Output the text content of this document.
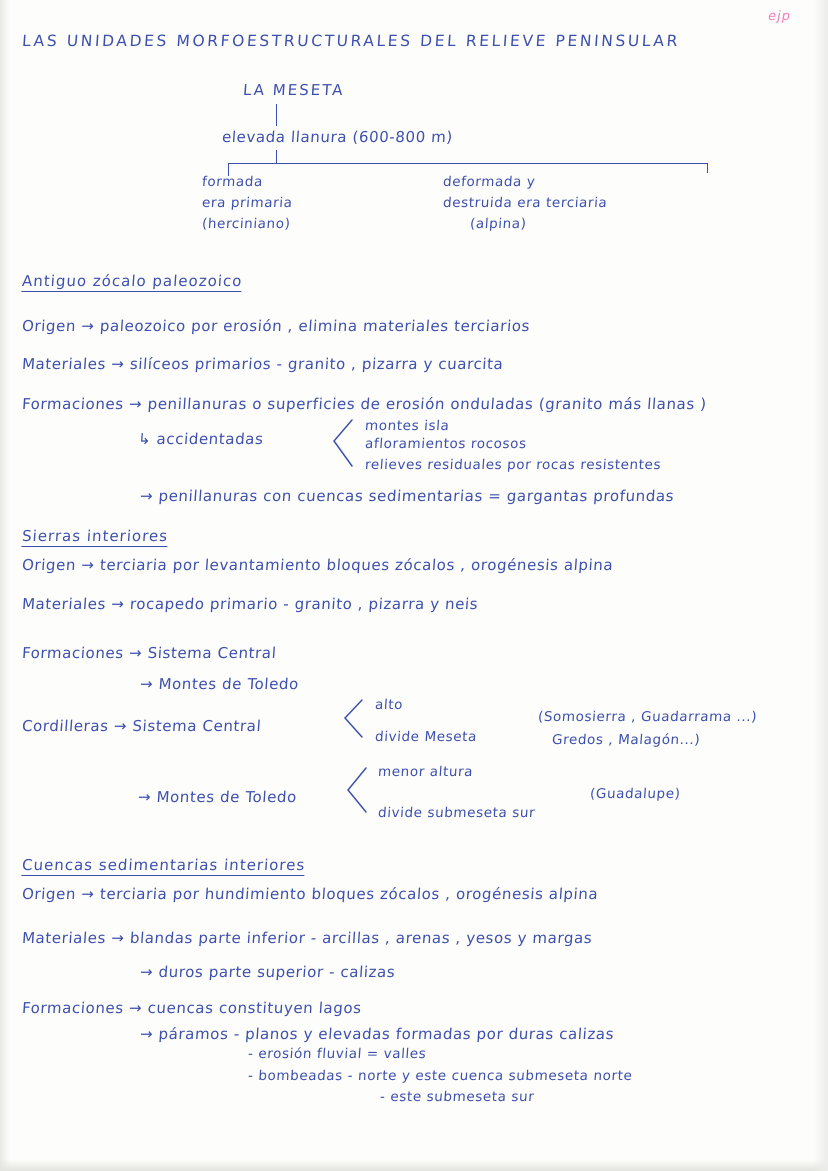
ejp
LAS UNIDADES MORFOESTRUCTURALES DEL RELIEVE PENINSULAR
LA MESETA
elevada llanura (600-800 m)
formada
era primaria
(herciniano)
deformada y
destruida era terciaria
(alpina)
Antiguo zócalo paleozoico
Sierras interiores
Cuencas sedimentarias interiores
Origen → paleozoico por erosión , elimina materiales terciarios
Materiales → silíceos primarios - granito , pizarra y cuarcita
Formaciones → penillanuras o superficies de erosión onduladas (granito más llanas )
↳ accidentadas
montes isla
afloramientos rocosos
relieves residuales por rocas resistentes
→ penillanuras con cuencas sedimentarias = gargantas profundas
Origen → terciaria por levantamiento bloques zócalos , orogénesis alpina
Materiales → rocapedo primario - granito , pizarra y neis
Formaciones → Sistema Central
→ Montes de Toledo
Cordilleras → Sistema Central
alto
divide Meseta
(Somosierra , Guadarrama ...)
Gredos , Malagón...)
→ Montes de Toledo
menor altura
divide submeseta sur
(Guadalupe)
Origen → terciaria por hundimiento bloques zócalos , orogénesis alpina
Materiales → blandas parte inferior - arcillas , arenas , yesos y margas
→ duros parte superior - calizas
Formaciones → cuencas constituyen lagos
→ páramos - planos y elevadas formadas por duras calizas
- erosión fluvial = valles
- bombeadas - norte y este cuenca submeseta norte
- este submeseta sur
